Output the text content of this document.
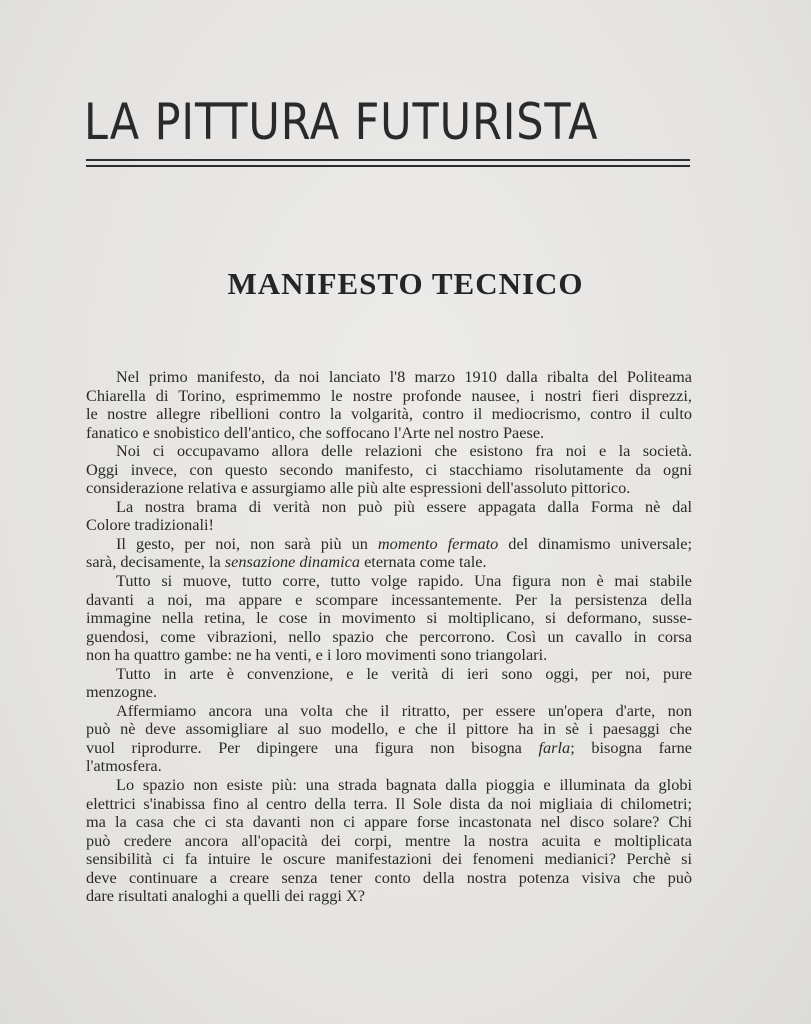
LA PITTURA FUTURISTA
MANIFESTO TECNICO
Nel primo manifesto, da noi lanciato l'8 marzo 1910 dalla ribalta del Politeama
Chiarella di Torino, esprimemmo le nostre profonde nausee, i nostri fieri disprezzi,
le nostre allegre ribellioni contro la volgarità, contro il mediocrismo, contro il culto
fanatico e snobistico dell'antico, che soffocano l'Arte nel nostro Paese.
Noi ci occupavamo allora delle relazioni che esistono fra noi e la società.
Oggi invece, con questo secondo manifesto, ci stacchiamo risolutamente da ogni
considerazione relativa e assurgiamo alle più alte espressioni dell'assoluto pittorico.
La nostra brama di verità non può più essere appagata dalla Forma nè dal
Colore tradizionali!
Il gesto, per noi, non sarà più un momento fermato del dinamismo universale;
sarà, decisamente, la sensazione dinamica eternata come tale.
Tutto si muove, tutto corre, tutto volge rapido. Una figura non è mai stabile
davanti a noi, ma appare e scompare incessantemente. Per la persistenza della
immagine nella retina, le cose in movimento si moltiplicano, si deformano, susse-
guendosi, come vibrazioni, nello spazio che percorrono. Così un cavallo in corsa
non ha quattro gambe: ne ha venti, e i loro movimenti sono triangolari.
Tutto in arte è convenzione, e le verità di ieri sono oggi, per noi, pure
menzogne.
Affermiamo ancora una volta che il ritratto, per essere un'opera d'arte, non
può nè deve assomigliare al suo modello, e che il pittore ha in sè i paesaggi che
vuol riprodurre. Per dipingere una figura non bisogna farla; bisogna farne
l'atmosfera.
Lo spazio non esiste più: una strada bagnata dalla pioggia e illuminata da globi
elettrici s'inabissa fino al centro della terra. Il Sole dista da noi migliaia di chilometri;
ma la casa che ci sta davanti non ci appare forse incastonata nel disco solare? Chi
può credere ancora all'opacità dei corpi, mentre la nostra acuita e moltiplicata
sensibilità ci fa intuire le oscure manifestazioni dei fenomeni medianici? Perchè si
deve continuare a creare senza tener conto della nostra potenza visiva che può
dare risultati analoghi a quelli dei raggi X?
